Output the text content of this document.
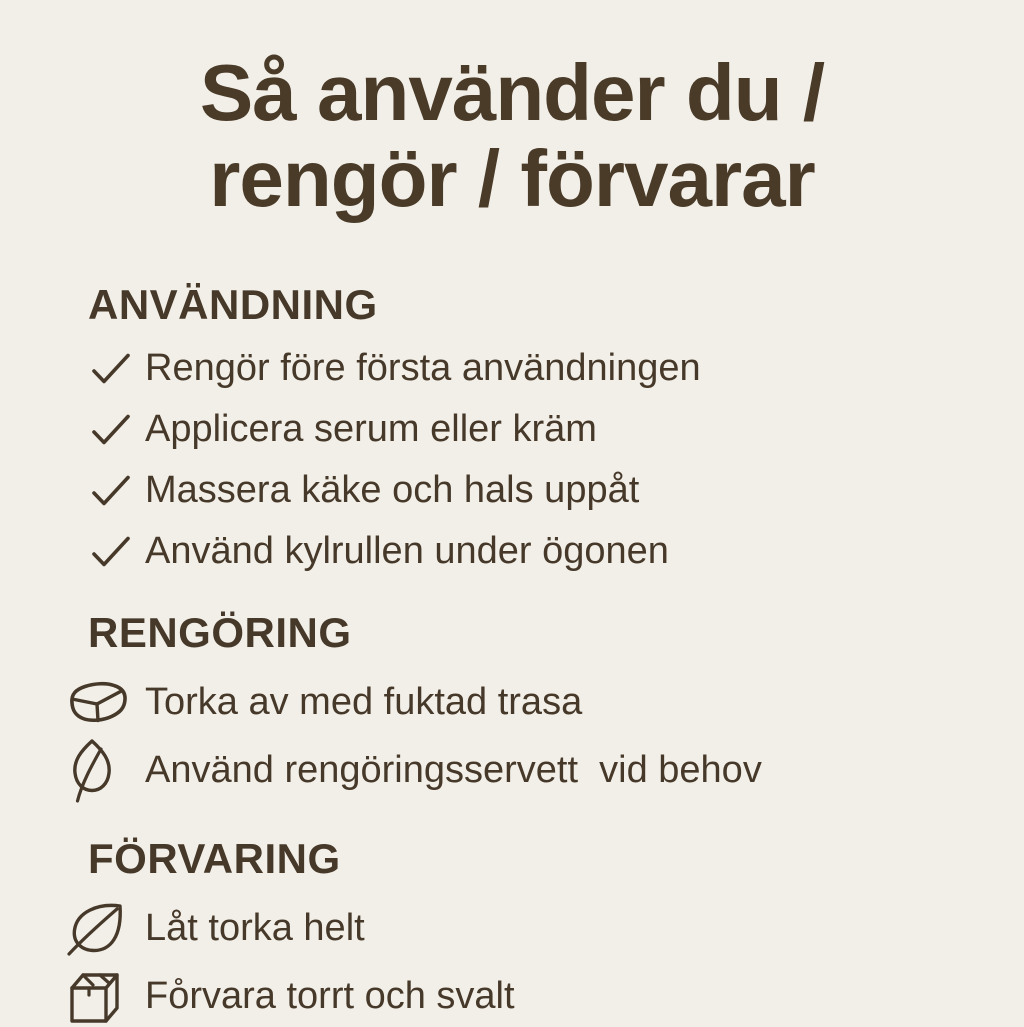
Så använder du /
rengör / förvarar
ANVÄNDNING
Rengör före första användningen
Applicera serum eller kräm
Massera käke och hals uppåt
Använd kylrullen under ögonen
RENGÖRING
Torka av med fuktad trasa
Använd rengöringsservett  vid behov
FÖRVARING
Låt torka helt
Fo̊rvara torrt och svalt
